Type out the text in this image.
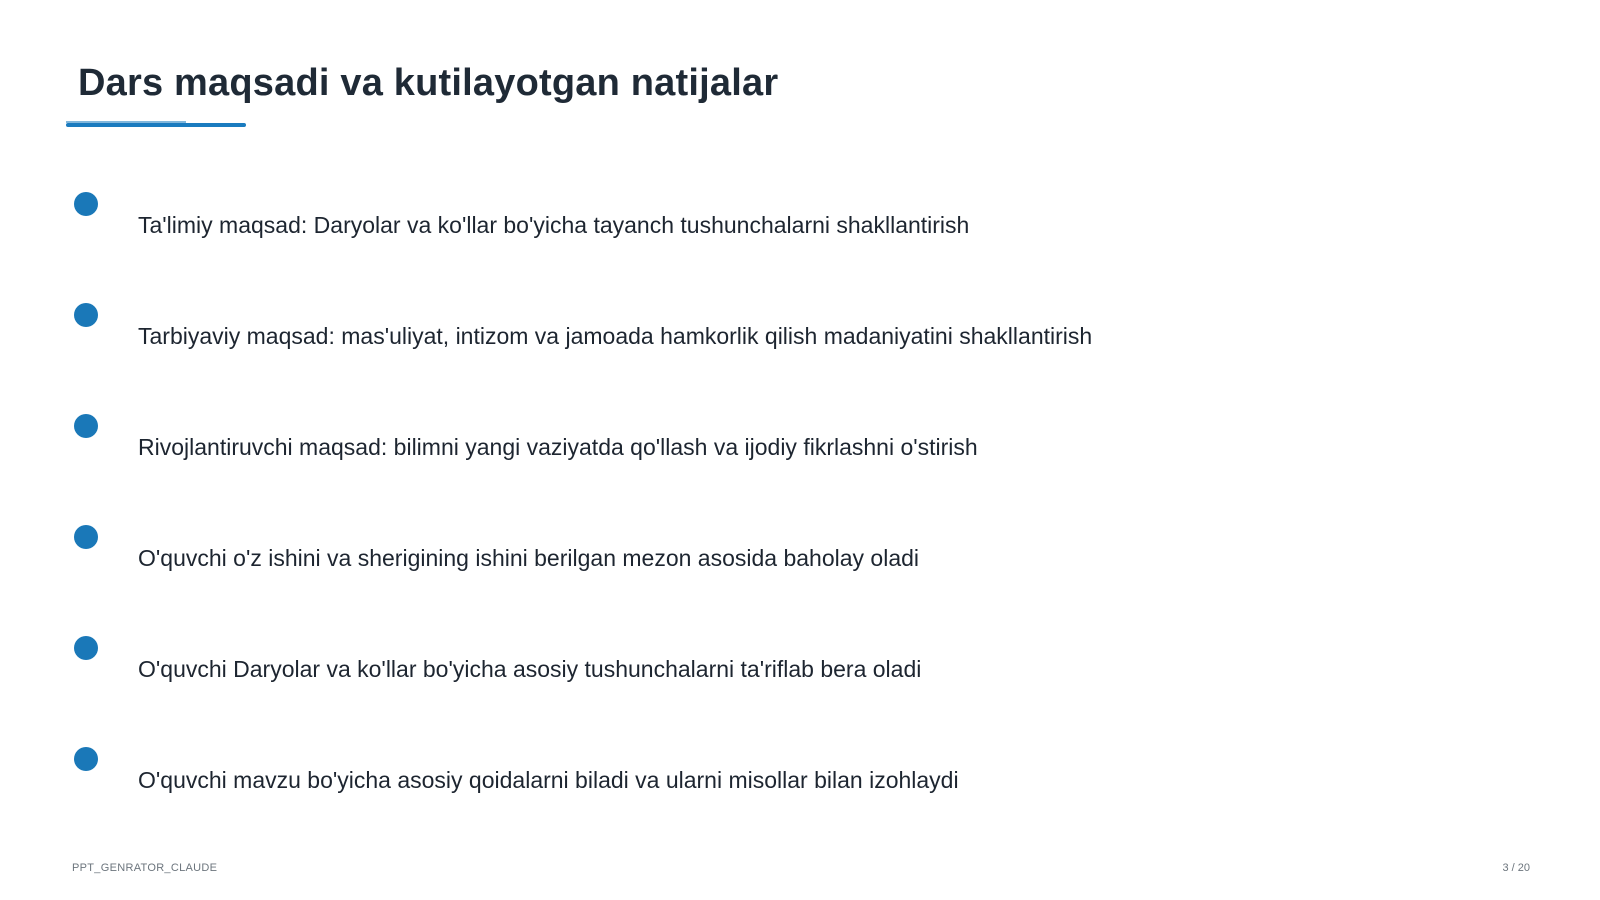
Dars maqsadi va kutilayotgan natijalar
Ta'limiy maqsad: Daryolar va ko'llar bo'yicha tayanch tushunchalarni shakllantirish
Tarbiyaviy maqsad: mas'uliyat, intizom va jamoada hamkorlik qilish madaniyatini shakllantirish
Rivojlantiruvchi maqsad: bilimni yangi vaziyatda qo'llash va ijodiy fikrlashni o'stirish
O'quvchi o'z ishini va sherigining ishini berilgan mezon asosida baholay oladi
O'quvchi Daryolar va ko'llar bo'yicha asosiy tushunchalarni ta'riflab bera oladi
O'quvchi mavzu bo'yicha asosiy qoidalarni biladi va ularni misollar bilan izohlaydi
PPT_GENRATOR_CLAUDE	3 / 20
